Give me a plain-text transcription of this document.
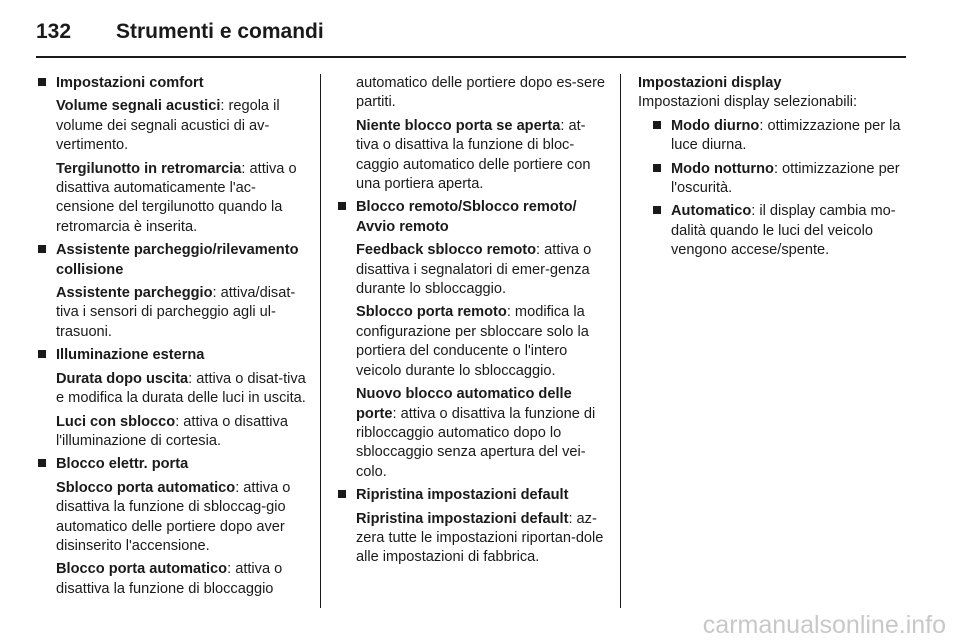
132	Strumenti e comandi
Impostazioni comfort
Volume segnali acustici: regola il volume dei segnali acustici di av-vertimento.
Tergilunotto in retromarcia: attiva o disattiva automaticamente l'ac-censione del tergilunotto quando la retromarcia è inserita.
Assistente parcheggio/rilevamento collisione
Assistente parcheggio: attiva/disat-tiva i sensori di parcheggio agli ul-trasuoni.
Illuminazione esterna
Durata dopo uscita: attiva o disat-tiva e modifica la durata delle luci in uscita.
Luci con sblocco: attiva o disattiva l'illuminazione di cortesia.
Blocco elettr. porta
Sblocco porta automatico: attiva o disattiva la funzione di sbloccag-gio automatico delle portiere dopo aver disinserito l'accensione.
Blocco porta automatico: attiva o disattiva la funzione di bloccaggio
automatico delle portiere dopo es-sere partiti.
Niente blocco porta se aperta: at-tiva o disattiva la funzione di bloc-caggio automatico delle portiere con una portiera aperta.
Blocco remoto/Sblocco remoto/ Avvio remoto
Feedback sblocco remoto: attiva o disattiva i segnalatori di emer-genza durante lo sbloccaggio.
Sblocco porta remoto: modifica la configurazione per sbloccare solo la portiera del conducente o l'intero veicolo durante lo sbloccaggio.
Nuovo blocco automatico delle porte: attiva o disattiva la funzione di ribloccaggio automatico dopo lo sbloccaggio senza apertura del vei-colo.
Ripristina impostazioni default
Ripristina impostazioni default: az-zera tutte le impostazioni riportan-dole alle impostazioni di fabbrica.
Impostazioni display
Impostazioni display selezionabili:
Modo diurno: ottimizzazione per la luce diurna.
Modo notturno: ottimizzazione per l'oscurità.
Automatico: il display cambia mo-dalità quando le luci del veicolo vengono accese/spente.
carmanualsonline.info
